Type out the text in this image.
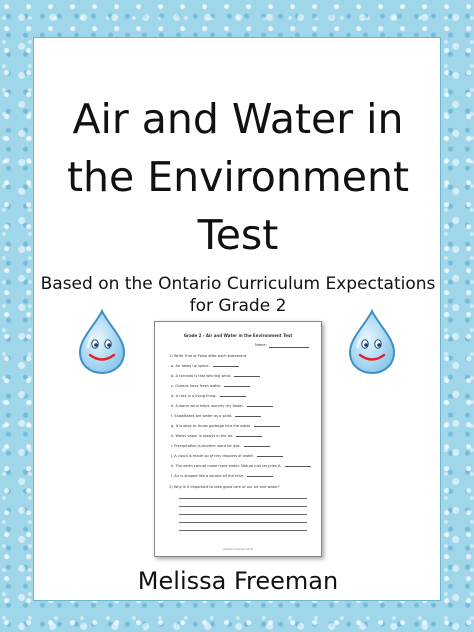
Air and Water in
the Environment
Test
Based on the Ontario Curriculum Expectations
for Grade 2
Grade 2 - Air and Water in the Environment Test
Name:
1) Write True or False after each statement.
a. Air takes up space.
b. A tornado is fast whirling wind.
c. Oceans have fresh water.
d. A rock is a living thing.
e. A warm wind helps laundry dry faster.
f. Snowflakes are water as a solid.
g. It is okay to throw garbage into the water.
h. Water vapor is always in the air.
i. Precipitation is another word for gas.
j. A cloud is made up of tiny droplets of water.
k. The earth cannot make more water. Nature just recycles it.
l. Air is shaped like a square all the time.
2) Why is it important to take good care of our air and water?
Melissa Freeman 2016
Melissa Freeman
